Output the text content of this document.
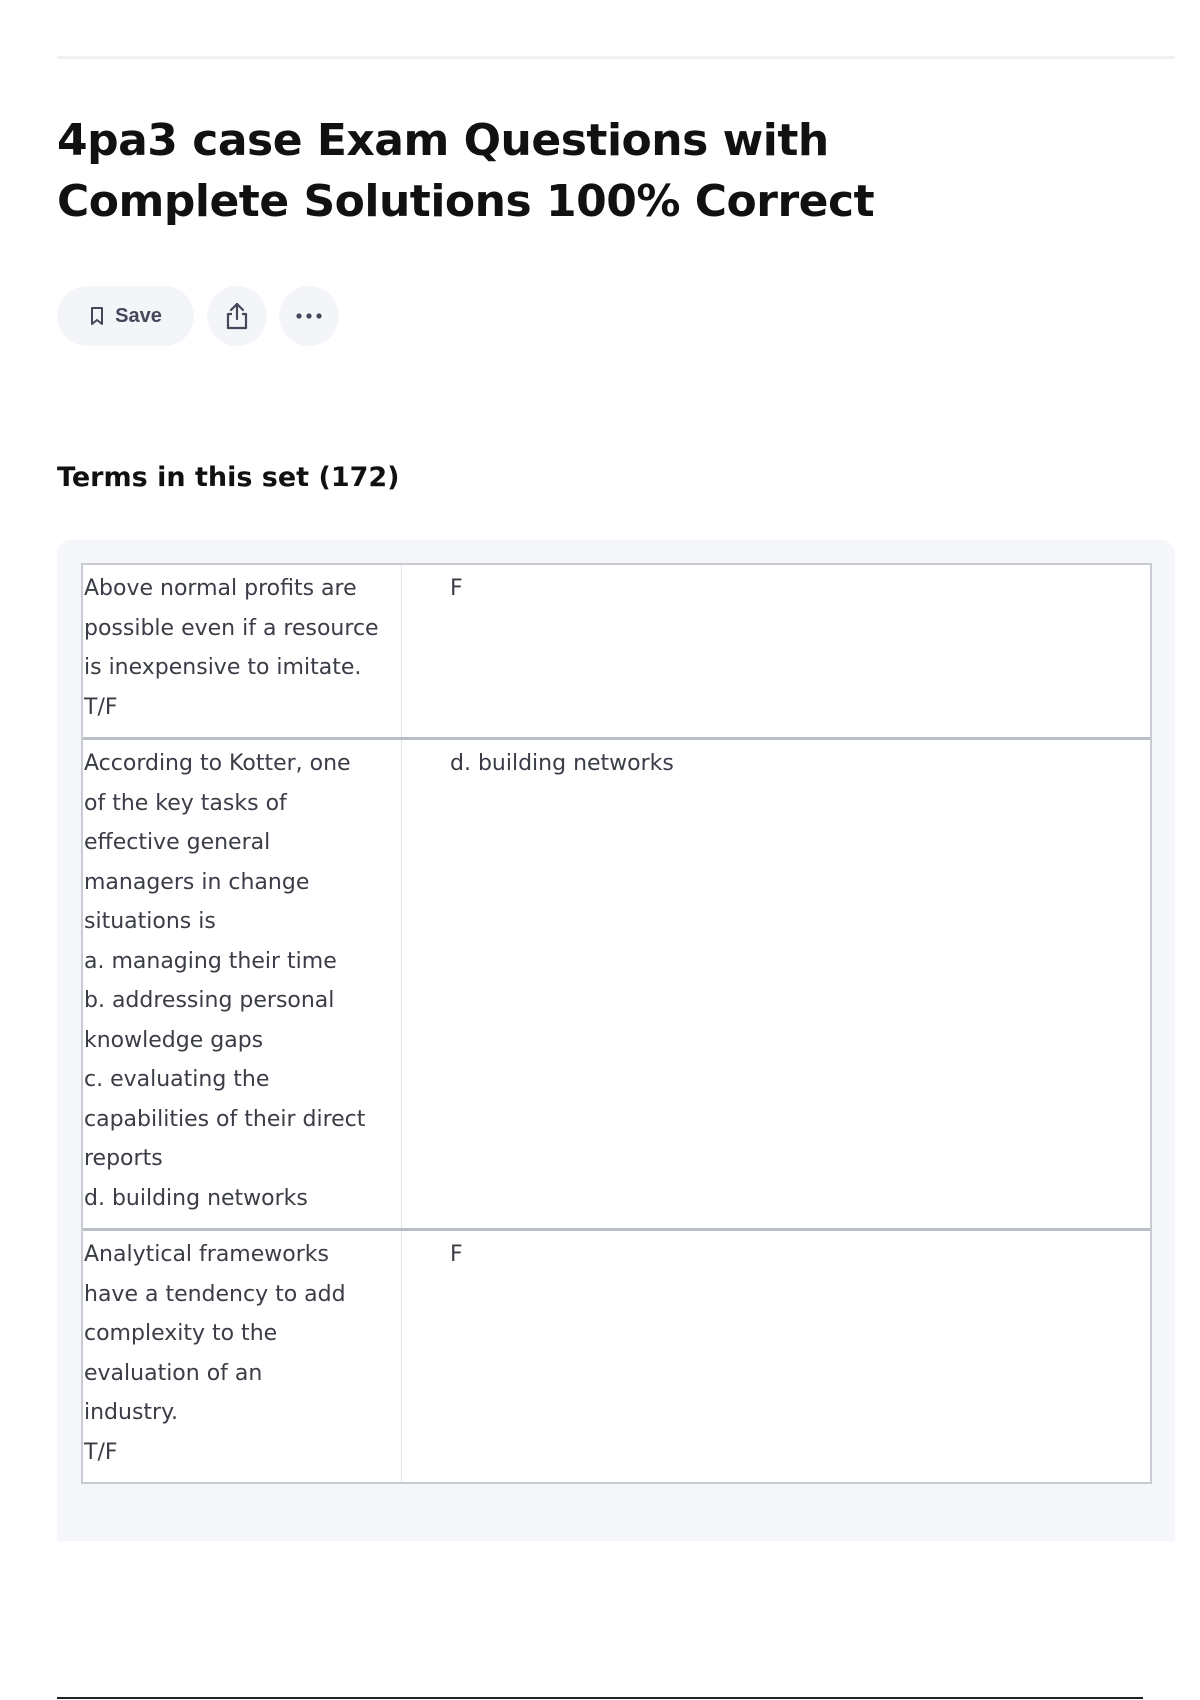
4pa3 case Exam Questions with Complete Solutions 100% Correct
Save
Terms in this set (172)
Above normal profits are
possible even if a resource
is inexpensive to imitate.
T/F
F
According to Kotter, one
of the key tasks of
effective general
managers in change
situations is
a. managing their time
b. addressing personal
knowledge gaps
c. evaluating the
capabilities of their direct
reports
d. building networks
d. building networks
Analytical frameworks
have a tendency to add
complexity to the
evaluation of an
industry.
T/F
F
